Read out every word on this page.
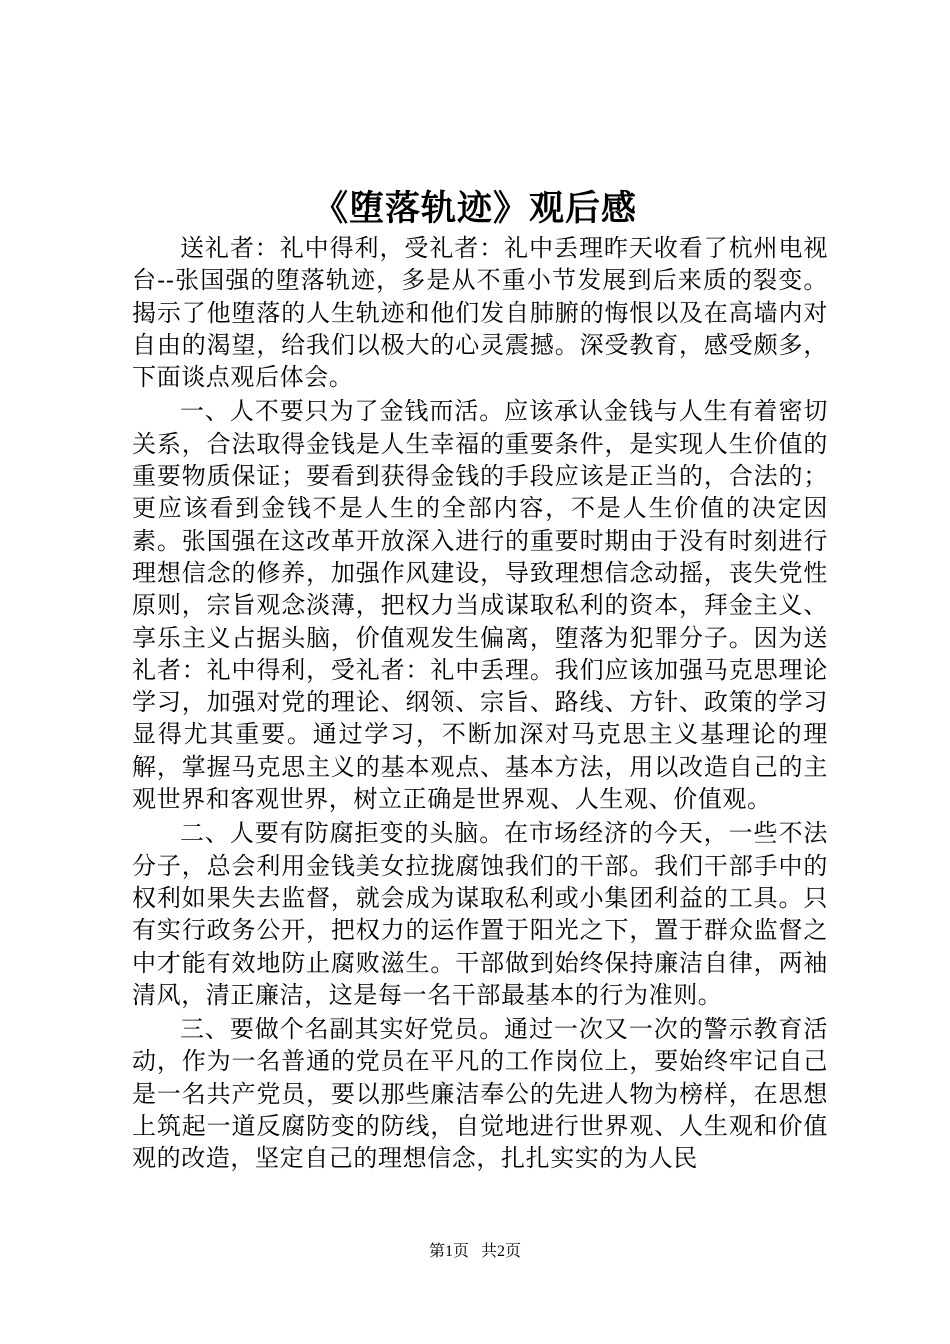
《堕落轨迹》观后感

送礼者：礼中得利，受礼者：礼中丢理昨天收看了杭州电视台--张国强的堕落轨迹，多是从不重小节发展到后来质的裂变。揭示了他堕落的人生轨迹和他们发自肺腑的悔恨以及在高墙内对自由的渴望，给我们以极大的心灵震撼。深受教育，感受颇多，下面谈点观后体会。

一、人不要只为了金钱而活。应该承认金钱与人生有着密切关系，合法取得金钱是人生幸福的重要条件，是实现人生价值的重要物质保证；要看到获得金钱的手段应该是正当的，合法的；更应该看到金钱不是人生的全部内容，不是人生价值的决定因素。张国强在这改革开放深入进行的重要时期由于没有时刻进行理想信念的修养，加强作风建设，导致理想信念动摇，丧失党性原则，宗旨观念淡薄，把权力当成谋取私利的资本，拜金主义、享乐主义占据头脑，价值观发生偏离，堕落为犯罪分子。因为送礼者：礼中得利，受礼者：礼中丢理。我们应该加强马克思理论学习，加强对党的理论、纲领、宗旨、路线、方针、政策的学习显得尤其重要。通过学习，不断加深对马克思主义基理论的理解，掌握马克思主义的基本观点、基本方法，用以改造自己的主观世界和客观世界，树立正确是世界观、人生观、价值观。

二、人要有防腐拒变的头脑。在市场经济的今天，一些不法分子，总会利用金钱美女拉拢腐蚀我们的干部。我们干部手中的权利如果失去监督，就会成为谋取私利或小集团利益的工具。只有实行政务公开，把权力的运作置于阳光之下，置于群众监督之中才能有效地防止腐败滋生。干部做到始终保持廉洁自律，两袖清风，清正廉洁，这是每一名干部最基本的行为准则。

三、要做个名副其实好党员。通过一次又一次的警示教育活动，作为一名普通的党员在平凡的工作岗位上，要始终牢记自己是一名共产党员，要以那些廉洁奉公的先进人物为榜样，在思想上筑起一道反腐防变的防线，自觉地进行世界观、人生观和价值观的改造，坚定自己的理想信念，扎扎实实的为人民

第1页 共2页
